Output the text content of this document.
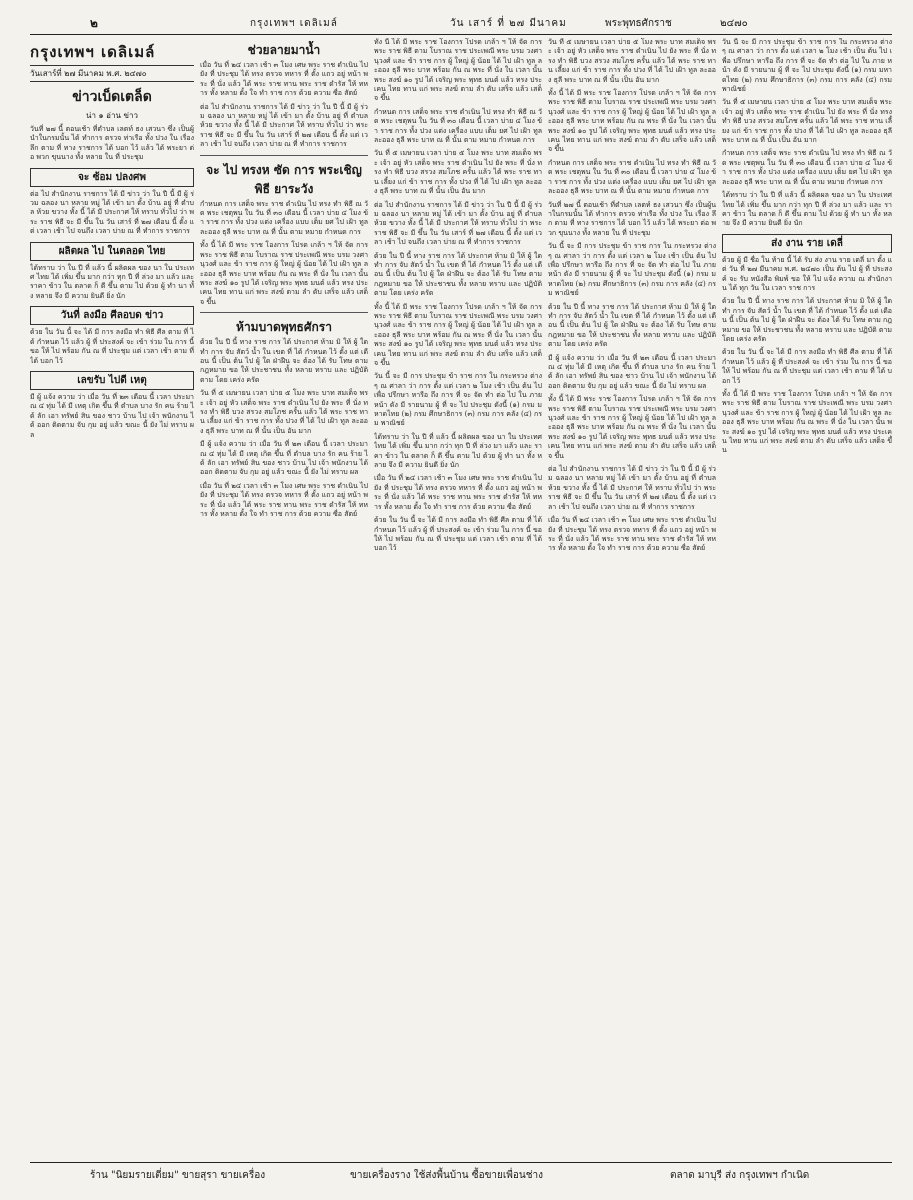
๒	กรุงเทพฯ เดลิเมล์	วัน เสาร์ ที่ ๒๗ มีนาคม	พระพุทธศักราช	๒๔๗๐
กรุงเทพฯ เดลิเมล์
วันเสาร์ที่ ๒๗ มีนาคม พ.ศ. ๒๔๗๐
ข่าวเบ็ดเตล็ด
น่า ๑ อ่าน ข่าว
วันที่ ๒๗ นี้ ตอนเช้า ที่ตำบล เลตท์ ธง เสวนา ซึ่ง เป็นผู้นำในกรมนั้น ได้ ทำการ ตรวจ ท่าเรือ ทั้ง ปวง ใน เรื่อง ลึก ตาม ที่ ทาง ราชการ ได้ บอก ไว้ แล้ว ได้ พระยา ต่อ พวก ขุนนาง ทั้ง หลาย ใน ที่ ประชุม
จะ ซ้อม ปลงศพ
ต่อ ไป สำนักงาน ราชการ ได้ มี ข่าว ว่า ใน ปี นี้ มี ผู้ ร่วม ฉลอง นา หลาย หมู่ ได้ เข้า มา ตั้ง บ้าน อยู่ ที่ ตำบล ห้วย ขวาง ทั้ง นี้ ได้ มี ประกาศ ให้ ทราบ ทั่วไป ว่า พระ ราช พิธี จะ มี ขึ้น ใน วัน เสาร์ ที่ ๒๗ เดือน นี้ ตั้ง แต่ เวลา เช้า ไป จนถึง เวลา บ่าย ณ ที่ ทำการ ราชการ
ผลิตผล ไป ในตลอด ไทย
ได้ทราบ ว่า ใน ปี ที่ แล้ว นี้ ผลิตผล ของ นา ใน ประเทศ ไทย ได้ เพิ่ม ขึ้น มาก กว่า ทุก ปี ที่ ล่วง มา แล้ว และ ราคา ข้าว ใน ตลาด ก็ ดี ขึ้น ตาม ไป ด้วย ผู้ ทำ นา ทั้ง หลาย จึง มี ความ ยินดี ยิ่ง นัก
วันที่ ลงมือ ศีลอบด ข่าว
ด้วย ใน วัน นี้ จะ ได้ มี การ ลงมือ ทำ พิธี ศีล ตาม ที่ ได้ กำหนด ไว้ แล้ว ผู้ ที่ ประสงค์ จะ เข้า ร่วม ใน การ นี้ ขอ ให้ ไป พร้อม กัน ณ ที่ ประชุม แต่ เวลา เช้า ตาม ที่ ได้ บอก ไว้
เลขรับ ไปดี เหตุ
มี ผู้ แจ้ง ความ ว่า เมื่อ วัน ที่ ๒๓ เดือน นี้ เวลา ประมาณ ๔ ทุ่ม ได้ มี เหตุ เกิด ขึ้น ที่ ตำบล บาง รัก คน ร้าย ได้ ลัก เอา ทรัพย์ สิน ของ ชาว บ้าน ไป เจ้า พนักงาน ได้ ออก ติดตาม จับ กุม อยู่ แล้ว ขณะ นี้ ยัง ไม่ ทราบ ผล
ช่วยลายมาน้ำ
เมื่อ วัน ที่ ๒๔ เวลา เช้า ๓ โมง เศษ พระ ราช ดำเนิน ไป ยัง ที่ ประชุม ได้ ทรง ตรวจ ทหาร ที่ ตั้ง แถว อยู่ หน้า พระ ที่ นั่ง แล้ว ได้ พระ ราช ทาน พระ ราช ดำรัส ให้ ทหาร ทั้ง หลาย ตั้ง ใจ ทำ ราช การ ด้วย ความ ซื่อ สัตย์
ต่อ ไป สำนักงาน ราชการ ได้ มี ข่าว ว่า ใน ปี นี้ มี ผู้ ร่วม ฉลอง นา หลาย หมู่ ได้ เข้า มา ตั้ง บ้าน อยู่ ที่ ตำบล ห้วย ขวาง ทั้ง นี้ ได้ มี ประกาศ ให้ ทราบ ทั่วไป ว่า พระ ราช พิธี จะ มี ขึ้น ใน วัน เสาร์ ที่ ๒๗ เดือน นี้ ตั้ง แต่ เวลา เช้า ไป จนถึง เวลา บ่าย ณ ที่ ทำการ ราชการ
จะ ไป ทรงห ซัด การ พระเชิญ พิธี ยาระวัง
กำหนด การ เสด็จ พระ ราช ดำเนิน ไป ทรง ทำ พิธี ณ วัด พระ เชตุพน ใน วัน ที่ ๓๐ เดือน นี้ เวลา บ่าย ๔ โมง ข้า ราช การ ทั้ง ปวง แต่ง เครื่อง แบบ เต็ม ยศ ไป เฝ้า ทูล ละออง ธุลี พระ บาท ณ ที่ นั้น ตาม หมาย กำหนด การ
ทั้ง นี้ ได้ มี พระ ราช โองการ โปรด เกล้า ฯ ให้ จัด การ พระ ราช พิธี ตาม โบราณ ราช ประเพณี พระ บรม วงศานุวงศ์ และ ข้า ราช การ ผู้ ใหญ่ ผู้ น้อย ได้ ไป เฝ้า ทูล ละออง ธุลี พระ บาท พร้อม กัน ณ พระ ที่ นั่ง ใน เวลา นั้น พระ สงฆ์ ๑๐ รูป ได้ เจริญ พระ พุทธ มนต์ แล้ว ทรง ประเคน ไทย ทาน แก่ พระ สงฆ์ ตาม ลำ ดับ เสร็จ แล้ว เสด็จ ขึ้น
ห้ามบาดพุทธศักรา
ด้วย ใน ปี นี้ ทาง ราช การ ได้ ประกาศ ห้าม มิ ให้ ผู้ ใด ทำ การ จับ สัตว์ น้ำ ใน เขต ที่ ได้ กำหนด ไว้ ตั้ง แต่ เดือน นี้ เป็น ต้น ไป ผู้ ใด ฝ่าฝืน จะ ต้อง ได้ รับ โทษ ตาม กฎหมาย ขอ ให้ ประชาชน ทั้ง หลาย ทราบ และ ปฏิบัติ ตาม โดย เคร่ง ครัด
วัน ที่ ๕ เมษายน เวลา บ่าย ๕ โมง พระ บาท สมเด็จ พระ เจ้า อยู่ หัว เสด็จ พระ ราช ดำเนิน ไป ยัง พระ ที่ นั่ง ทรง ทำ พิธี บวง สรวง สมโภช ครั้น แล้ว ได้ พระ ราช ทาน เลี้ยง แก่ ข้า ราช การ ทั้ง ปวง ที่ ได้ ไป เฝ้า ทูล ละออง ธุลี พระ บาท ณ ที่ นั้น เป็น อัน มาก
มี ผู้ แจ้ง ความ ว่า เมื่อ วัน ที่ ๒๓ เดือน นี้ เวลา ประมาณ ๔ ทุ่ม ได้ มี เหตุ เกิด ขึ้น ที่ ตำบล บาง รัก คน ร้าย ได้ ลัก เอา ทรัพย์ สิน ของ ชาว บ้าน ไป เจ้า พนักงาน ได้ ออก ติดตาม จับ กุม อยู่ แล้ว ขณะ นี้ ยัง ไม่ ทราบ ผล
เมื่อ วัน ที่ ๒๔ เวลา เช้า ๓ โมง เศษ พระ ราช ดำเนิน ไป ยัง ที่ ประชุม ได้ ทรง ตรวจ ทหาร ที่ ตั้ง แถว อยู่ หน้า พระ ที่ นั่ง แล้ว ได้ พระ ราช ทาน พระ ราช ดำรัส ให้ ทหาร ทั้ง หลาย ตั้ง ใจ ทำ ราช การ ด้วย ความ ซื่อ สัตย์
ทั้ง นี้ ได้ มี พระ ราช โองการ โปรด เกล้า ฯ ให้ จัด การ พระ ราช พิธี ตาม โบราณ ราช ประเพณี พระ บรม วงศานุวงศ์ และ ข้า ราช การ ผู้ ใหญ่ ผู้ น้อย ได้ ไป เฝ้า ทูล ละออง ธุลี พระ บาท พร้อม กัน ณ พระ ที่ นั่ง ใน เวลา นั้น พระ สงฆ์ ๑๐ รูป ได้ เจริญ พระ พุทธ มนต์ แล้ว ทรง ประเคน ไทย ทาน แก่ พระ สงฆ์ ตาม ลำ ดับ เสร็จ แล้ว เสด็จ ขึ้น
กำหนด การ เสด็จ พระ ราช ดำเนิน ไป ทรง ทำ พิธี ณ วัด พระ เชตุพน ใน วัน ที่ ๓๐ เดือน นี้ เวลา บ่าย ๔ โมง ข้า ราช การ ทั้ง ปวง แต่ง เครื่อง แบบ เต็ม ยศ ไป เฝ้า ทูล ละออง ธุลี พระ บาท ณ ที่ นั้น ตาม หมาย กำหนด การ
วัน ที่ ๕ เมษายน เวลา บ่าย ๕ โมง พระ บาท สมเด็จ พระ เจ้า อยู่ หัว เสด็จ พระ ราช ดำเนิน ไป ยัง พระ ที่ นั่ง ทรง ทำ พิธี บวง สรวง สมโภช ครั้น แล้ว ได้ พระ ราช ทาน เลี้ยง แก่ ข้า ราช การ ทั้ง ปวง ที่ ได้ ไป เฝ้า ทูล ละออง ธุลี พระ บาท ณ ที่ นั้น เป็น อัน มาก
ต่อ ไป สำนักงาน ราชการ ได้ มี ข่าว ว่า ใน ปี นี้ มี ผู้ ร่วม ฉลอง นา หลาย หมู่ ได้ เข้า มา ตั้ง บ้าน อยู่ ที่ ตำบล ห้วย ขวาง ทั้ง นี้ ได้ มี ประกาศ ให้ ทราบ ทั่วไป ว่า พระ ราช พิธี จะ มี ขึ้น ใน วัน เสาร์ ที่ ๒๗ เดือน นี้ ตั้ง แต่ เวลา เช้า ไป จนถึง เวลา บ่าย ณ ที่ ทำการ ราชการ
ด้วย ใน ปี นี้ ทาง ราช การ ได้ ประกาศ ห้าม มิ ให้ ผู้ ใด ทำ การ จับ สัตว์ น้ำ ใน เขต ที่ ได้ กำหนด ไว้ ตั้ง แต่ เดือน นี้ เป็น ต้น ไป ผู้ ใด ฝ่าฝืน จะ ต้อง ได้ รับ โทษ ตาม กฎหมาย ขอ ให้ ประชาชน ทั้ง หลาย ทราบ และ ปฏิบัติ ตาม โดย เคร่ง ครัด
ทั้ง นี้ ได้ มี พระ ราช โองการ โปรด เกล้า ฯ ให้ จัด การ พระ ราช พิธี ตาม โบราณ ราช ประเพณี พระ บรม วงศานุวงศ์ และ ข้า ราช การ ผู้ ใหญ่ ผู้ น้อย ได้ ไป เฝ้า ทูล ละออง ธุลี พระ บาท พร้อม กัน ณ พระ ที่ นั่ง ใน เวลา นั้น พระ สงฆ์ ๑๐ รูป ได้ เจริญ พระ พุทธ มนต์ แล้ว ทรง ประเคน ไทย ทาน แก่ พระ สงฆ์ ตาม ลำ ดับ เสร็จ แล้ว เสด็จ ขึ้น
วัน นี้ จะ มี การ ประชุม ข้า ราช การ ใน กระทรวง ต่าง ๆ ณ ศาลา ว่า การ ตั้ง แต่ เวลา ๒ โมง เช้า เป็น ต้น ไป เพื่อ ปรึกษา หารือ ถึง การ ที่ จะ จัด ทำ ต่อ ไป ใน ภาย หน้า ดัง มี รายนาม ผู้ ที่ จะ ไป ประชุม ดังนี้ (๑) กรม มหาดไทย (๒) กรม ศึกษาธิการ (๓) กรม การ คลัง (๔) กรม พาณิชย์
ได้ทราบ ว่า ใน ปี ที่ แล้ว นี้ ผลิตผล ของ นา ใน ประเทศ ไทย ได้ เพิ่ม ขึ้น มาก กว่า ทุก ปี ที่ ล่วง มา แล้ว และ ราคา ข้าว ใน ตลาด ก็ ดี ขึ้น ตาม ไป ด้วย ผู้ ทำ นา ทั้ง หลาย จึง มี ความ ยินดี ยิ่ง นัก
เมื่อ วัน ที่ ๒๔ เวลา เช้า ๓ โมง เศษ พระ ราช ดำเนิน ไป ยัง ที่ ประชุม ได้ ทรง ตรวจ ทหาร ที่ ตั้ง แถว อยู่ หน้า พระ ที่ นั่ง แล้ว ได้ พระ ราช ทาน พระ ราช ดำรัส ให้ ทหาร ทั้ง หลาย ตั้ง ใจ ทำ ราช การ ด้วย ความ ซื่อ สัตย์
ด้วย ใน วัน นี้ จะ ได้ มี การ ลงมือ ทำ พิธี ศีล ตาม ที่ ได้ กำหนด ไว้ แล้ว ผู้ ที่ ประสงค์ จะ เข้า ร่วม ใน การ นี้ ขอ ให้ ไป พร้อม กัน ณ ที่ ประชุม แต่ เวลา เช้า ตาม ที่ ได้ บอก ไว้
วัน ที่ ๕ เมษายน เวลา บ่าย ๕ โมง พระ บาท สมเด็จ พระ เจ้า อยู่ หัว เสด็จ พระ ราช ดำเนิน ไป ยัง พระ ที่ นั่ง ทรง ทำ พิธี บวง สรวง สมโภช ครั้น แล้ว ได้ พระ ราช ทาน เลี้ยง แก่ ข้า ราช การ ทั้ง ปวง ที่ ได้ ไป เฝ้า ทูล ละออง ธุลี พระ บาท ณ ที่ นั้น เป็น อัน มาก
ทั้ง นี้ ได้ มี พระ ราช โองการ โปรด เกล้า ฯ ให้ จัด การ พระ ราช พิธี ตาม โบราณ ราช ประเพณี พระ บรม วงศานุวงศ์ และ ข้า ราช การ ผู้ ใหญ่ ผู้ น้อย ได้ ไป เฝ้า ทูล ละออง ธุลี พระ บาท พร้อม กัน ณ พระ ที่ นั่ง ใน เวลา นั้น พระ สงฆ์ ๑๐ รูป ได้ เจริญ พระ พุทธ มนต์ แล้ว ทรง ประเคน ไทย ทาน แก่ พระ สงฆ์ ตาม ลำ ดับ เสร็จ แล้ว เสด็จ ขึ้น
กำหนด การ เสด็จ พระ ราช ดำเนิน ไป ทรง ทำ พิธี ณ วัด พระ เชตุพน ใน วัน ที่ ๓๐ เดือน นี้ เวลา บ่าย ๔ โมง ข้า ราช การ ทั้ง ปวง แต่ง เครื่อง แบบ เต็ม ยศ ไป เฝ้า ทูล ละออง ธุลี พระ บาท ณ ที่ นั้น ตาม หมาย กำหนด การ
วันที่ ๒๗ นี้ ตอนเช้า ที่ตำบล เลตท์ ธง เสวนา ซึ่ง เป็นผู้นำในกรมนั้น ได้ ทำการ ตรวจ ท่าเรือ ทั้ง ปวง ใน เรื่อง ลึก ตาม ที่ ทาง ราชการ ได้ บอก ไว้ แล้ว ได้ พระยา ต่อ พวก ขุนนาง ทั้ง หลาย ใน ที่ ประชุม
วัน นี้ จะ มี การ ประชุม ข้า ราช การ ใน กระทรวง ต่าง ๆ ณ ศาลา ว่า การ ตั้ง แต่ เวลา ๒ โมง เช้า เป็น ต้น ไป เพื่อ ปรึกษา หารือ ถึง การ ที่ จะ จัด ทำ ต่อ ไป ใน ภาย หน้า ดัง มี รายนาม ผู้ ที่ จะ ไป ประชุม ดังนี้ (๑) กรม มหาดไทย (๒) กรม ศึกษาธิการ (๓) กรม การ คลัง (๔) กรม พาณิชย์
ด้วย ใน ปี นี้ ทาง ราช การ ได้ ประกาศ ห้าม มิ ให้ ผู้ ใด ทำ การ จับ สัตว์ น้ำ ใน เขต ที่ ได้ กำหนด ไว้ ตั้ง แต่ เดือน นี้ เป็น ต้น ไป ผู้ ใด ฝ่าฝืน จะ ต้อง ได้ รับ โทษ ตาม กฎหมาย ขอ ให้ ประชาชน ทั้ง หลาย ทราบ และ ปฏิบัติ ตาม โดย เคร่ง ครัด
มี ผู้ แจ้ง ความ ว่า เมื่อ วัน ที่ ๒๓ เดือน นี้ เวลา ประมาณ ๔ ทุ่ม ได้ มี เหตุ เกิด ขึ้น ที่ ตำบล บาง รัก คน ร้าย ได้ ลัก เอา ทรัพย์ สิน ของ ชาว บ้าน ไป เจ้า พนักงาน ได้ ออก ติดตาม จับ กุม อยู่ แล้ว ขณะ นี้ ยัง ไม่ ทราบ ผล
ทั้ง นี้ ได้ มี พระ ราช โองการ โปรด เกล้า ฯ ให้ จัด การ พระ ราช พิธี ตาม โบราณ ราช ประเพณี พระ บรม วงศานุวงศ์ และ ข้า ราช การ ผู้ ใหญ่ ผู้ น้อย ได้ ไป เฝ้า ทูล ละออง ธุลี พระ บาท พร้อม กัน ณ พระ ที่ นั่ง ใน เวลา นั้น พระ สงฆ์ ๑๐ รูป ได้ เจริญ พระ พุทธ มนต์ แล้ว ทรง ประเคน ไทย ทาน แก่ พระ สงฆ์ ตาม ลำ ดับ เสร็จ แล้ว เสด็จ ขึ้น
ต่อ ไป สำนักงาน ราชการ ได้ มี ข่าว ว่า ใน ปี นี้ มี ผู้ ร่วม ฉลอง นา หลาย หมู่ ได้ เข้า มา ตั้ง บ้าน อยู่ ที่ ตำบล ห้วย ขวาง ทั้ง นี้ ได้ มี ประกาศ ให้ ทราบ ทั่วไป ว่า พระ ราช พิธี จะ มี ขึ้น ใน วัน เสาร์ ที่ ๒๗ เดือน นี้ ตั้ง แต่ เวลา เช้า ไป จนถึง เวลา บ่าย ณ ที่ ทำการ ราชการ
เมื่อ วัน ที่ ๒๔ เวลา เช้า ๓ โมง เศษ พระ ราช ดำเนิน ไป ยัง ที่ ประชุม ได้ ทรง ตรวจ ทหาร ที่ ตั้ง แถว อยู่ หน้า พระ ที่ นั่ง แล้ว ได้ พระ ราช ทาน พระ ราช ดำรัส ให้ ทหาร ทั้ง หลาย ตั้ง ใจ ทำ ราช การ ด้วย ความ ซื่อ สัตย์
วัน นี้ จะ มี การ ประชุม ข้า ราช การ ใน กระทรวง ต่าง ๆ ณ ศาลา ว่า การ ตั้ง แต่ เวลา ๒ โมง เช้า เป็น ต้น ไป เพื่อ ปรึกษา หารือ ถึง การ ที่ จะ จัด ทำ ต่อ ไป ใน ภาย หน้า ดัง มี รายนาม ผู้ ที่ จะ ไป ประชุม ดังนี้ (๑) กรม มหาดไทย (๒) กรม ศึกษาธิการ (๓) กรม การ คลัง (๔) กรม พาณิชย์
วัน ที่ ๕ เมษายน เวลา บ่าย ๕ โมง พระ บาท สมเด็จ พระ เจ้า อยู่ หัว เสด็จ พระ ราช ดำเนิน ไป ยัง พระ ที่ นั่ง ทรง ทำ พิธี บวง สรวง สมโภช ครั้น แล้ว ได้ พระ ราช ทาน เลี้ยง แก่ ข้า ราช การ ทั้ง ปวง ที่ ได้ ไป เฝ้า ทูล ละออง ธุลี พระ บาท ณ ที่ นั้น เป็น อัน มาก
กำหนด การ เสด็จ พระ ราช ดำเนิน ไป ทรง ทำ พิธี ณ วัด พระ เชตุพน ใน วัน ที่ ๓๐ เดือน นี้ เวลา บ่าย ๔ โมง ข้า ราช การ ทั้ง ปวง แต่ง เครื่อง แบบ เต็ม ยศ ไป เฝ้า ทูล ละออง ธุลี พระ บาท ณ ที่ นั้น ตาม หมาย กำหนด การ
ได้ทราบ ว่า ใน ปี ที่ แล้ว นี้ ผลิตผล ของ นา ใน ประเทศ ไทย ได้ เพิ่ม ขึ้น มาก กว่า ทุก ปี ที่ ล่วง มา แล้ว และ ราคา ข้าว ใน ตลาด ก็ ดี ขึ้น ตาม ไป ด้วย ผู้ ทำ นา ทั้ง หลาย จึง มี ความ ยินดี ยิ่ง นัก
ส่ง งาน ราย เดลี่
ด้วย ผู้ มี ชื่อ ใน ท้าย นี้ ได้ รับ ส่ง งาน ราย เดลี่ มา ตั้ง แต่ วัน ที่ ๒๗ มีนาคม พ.ศ. ๒๔๗๐ เป็น ต้น ไป ผู้ ที่ ประสงค์ จะ รับ หนังสือ พิมพ์ ขอ ให้ ไป แจ้ง ความ ณ สำนักงาน ได้ ทุก วัน ใน เวลา ราช การ
ด้วย ใน ปี นี้ ทาง ราช การ ได้ ประกาศ ห้าม มิ ให้ ผู้ ใด ทำ การ จับ สัตว์ น้ำ ใน เขต ที่ ได้ กำหนด ไว้ ตั้ง แต่ เดือน นี้ เป็น ต้น ไป ผู้ ใด ฝ่าฝืน จะ ต้อง ได้ รับ โทษ ตาม กฎหมาย ขอ ให้ ประชาชน ทั้ง หลาย ทราบ และ ปฏิบัติ ตาม โดย เคร่ง ครัด
ด้วย ใน วัน นี้ จะ ได้ มี การ ลงมือ ทำ พิธี ศีล ตาม ที่ ได้ กำหนด ไว้ แล้ว ผู้ ที่ ประสงค์ จะ เข้า ร่วม ใน การ นี้ ขอ ให้ ไป พร้อม กัน ณ ที่ ประชุม แต่ เวลา เช้า ตาม ที่ ได้ บอก ไว้
ทั้ง นี้ ได้ มี พระ ราช โองการ โปรด เกล้า ฯ ให้ จัด การ พระ ราช พิธี ตาม โบราณ ราช ประเพณี พระ บรม วงศานุวงศ์ และ ข้า ราช การ ผู้ ใหญ่ ผู้ น้อย ได้ ไป เฝ้า ทูล ละออง ธุลี พระ บาท พร้อม กัน ณ พระ ที่ นั่ง ใน เวลา นั้น พระ สงฆ์ ๑๐ รูป ได้ เจริญ พระ พุทธ มนต์ แล้ว ทรง ประเคน ไทย ทาน แก่ พระ สงฆ์ ตาม ลำ ดับ เสร็จ แล้ว เสด็จ ขึ้น
ร้าน "นิยมรายเตี่ยม" ขายสุรา ขายเครื่อง	ขายเครื่องราง ใช้ส่งพื้นบ้าน ซื้อขายเพื่อนช่าง	ตลาด มาบุรี ส่ง กรุงเทพฯ กำเนิด
